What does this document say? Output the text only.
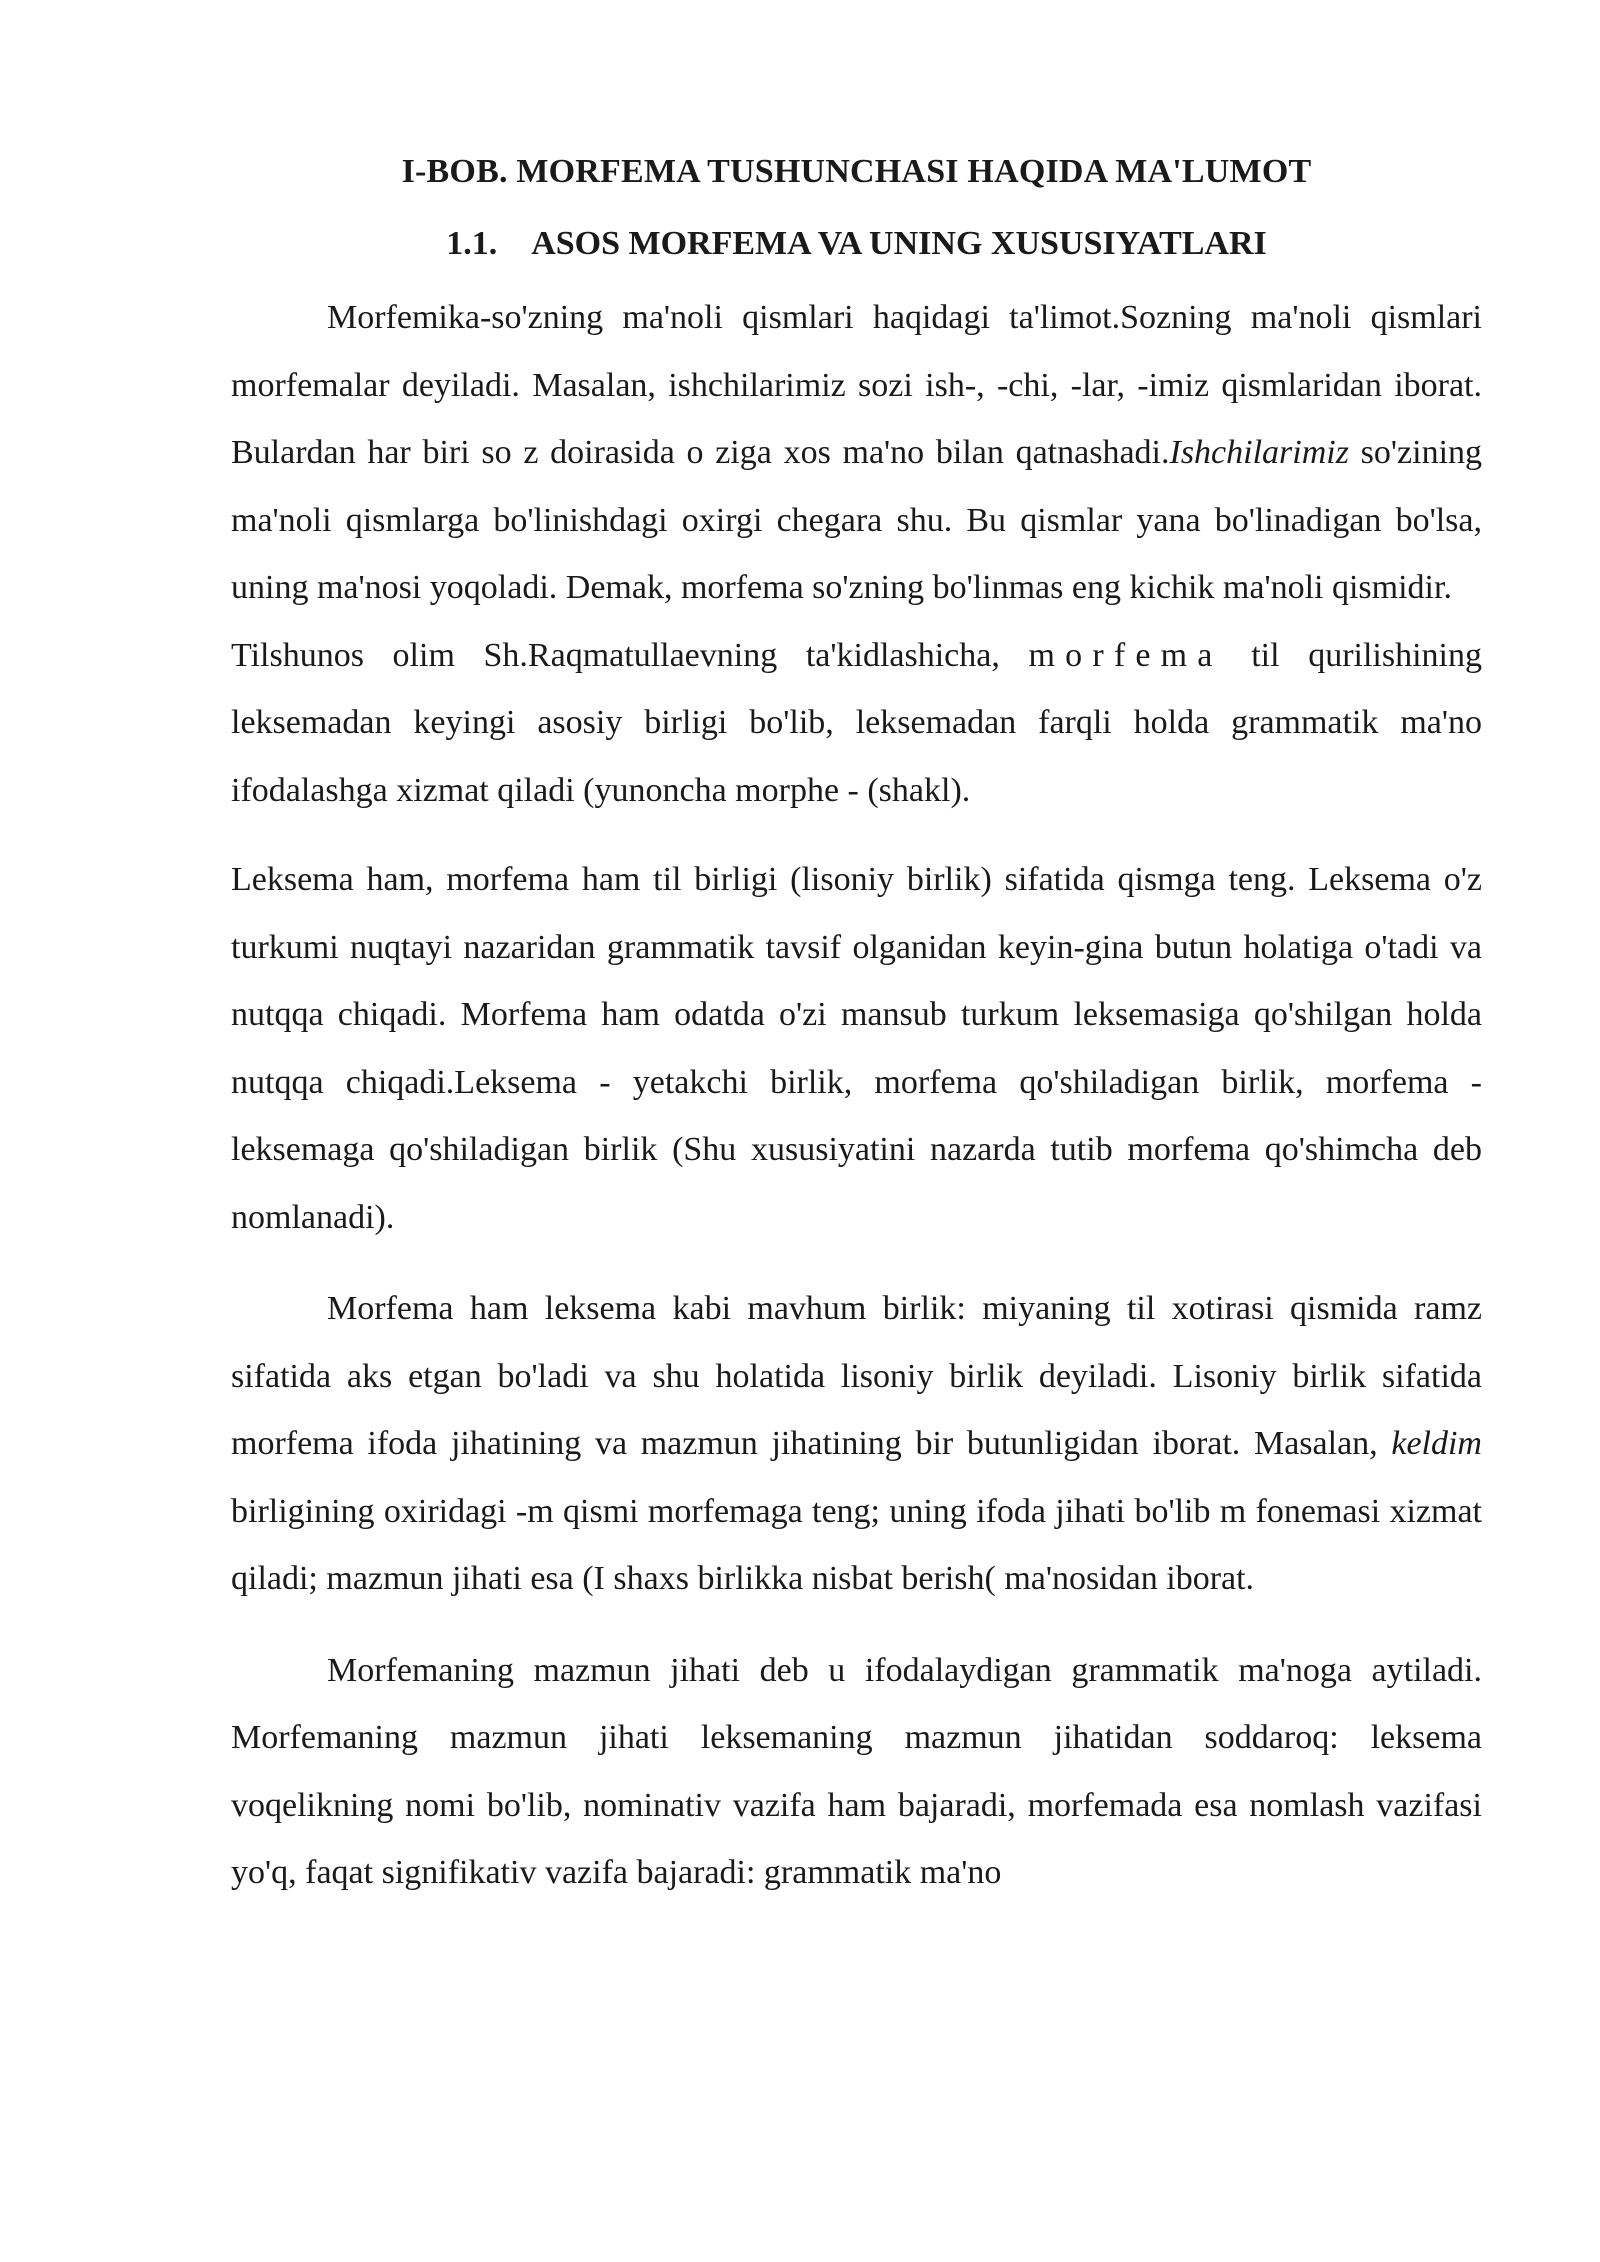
I-BOB. MORFEMA TUSHUNCHASI HAQIDA MA'LUMOT
1.1. ASOS MORFEMA VA UNING XUSUSIYATLARI

Morfemika-so'zning ma'noli qismlari haqidagi ta'limot.Sozning ma'noli qismlari morfemalar deyiladi. Masalan, ishchilarimiz sozi ish-, -chi, -lar, -imiz qismlaridan iborat. Bulardan har biri so z doirasida o ziga xos ma'no bilan qatnashadi.Ishchilarimiz so'zining ma'noli qismlarga bo'linishdagi oxirgi chegara shu. Bu qismlar yana bo'linadigan bo'lsa, uning ma'nosi yoqoladi. Demak, morfema so'zning bo'linmas eng kichik ma'noli qismidir.

Tilshunos olim Sh.Raqmatullaevning ta'kidlashicha, morfema til qurilishining leksemadan keyingi asosiy birligi bo'lib, leksemadan farqli holda grammatik ma'no ifodalashga xizmat qiladi (yunoncha morphe - (shakl).

Leksema ham, morfema ham til birligi (lisoniy birlik) sifatida qismga teng. Leksema o'z turkumi nuqtayi nazaridan grammatik tavsif olganidan keyin-gina butun holatiga o'tadi va nutqqa chiqadi. Morfema ham odatda o'zi mansub turkum leksemasiga qo'shilgan holda nutqqa chiqadi.Leksema - yetakchi birlik, morfema qo'shiladigan birlik, morfema - leksemaga qo'shiladigan birlik (Shu xususiyatini nazarda tutib morfema qo'shimcha deb nomlanadi).

Morfema ham leksema kabi mavhum birlik: miyaning til xotirasi qismida ramz sifatida aks etgan bo'ladi va shu holatida lisoniy birlik deyiladi. Lisoniy birlik sifatida morfema ifoda jihatining va mazmun jihatining bir butunligidan iborat. Masalan, keldim birligining oxiridagi -m qismi morfemaga teng; uning ifoda jihati bo'lib m fonemasi xizmat qiladi; mazmun jihati esa (I shaxs birlikka nisbat berish( ma'nosidan iborat.

Morfemaning mazmun jihati deb u ifodalaydigan grammatik ma'noga aytiladi. Morfemaning mazmun jihati leksemaning mazmun jihatidan soddaroq: leksema voqelikning nomi bo'lib, nominativ vazifa ham bajaradi, morfemada esa nomlash vazifasi yo'q, faqat signifikativ vazifa bajaradi: grammatik ma'no
